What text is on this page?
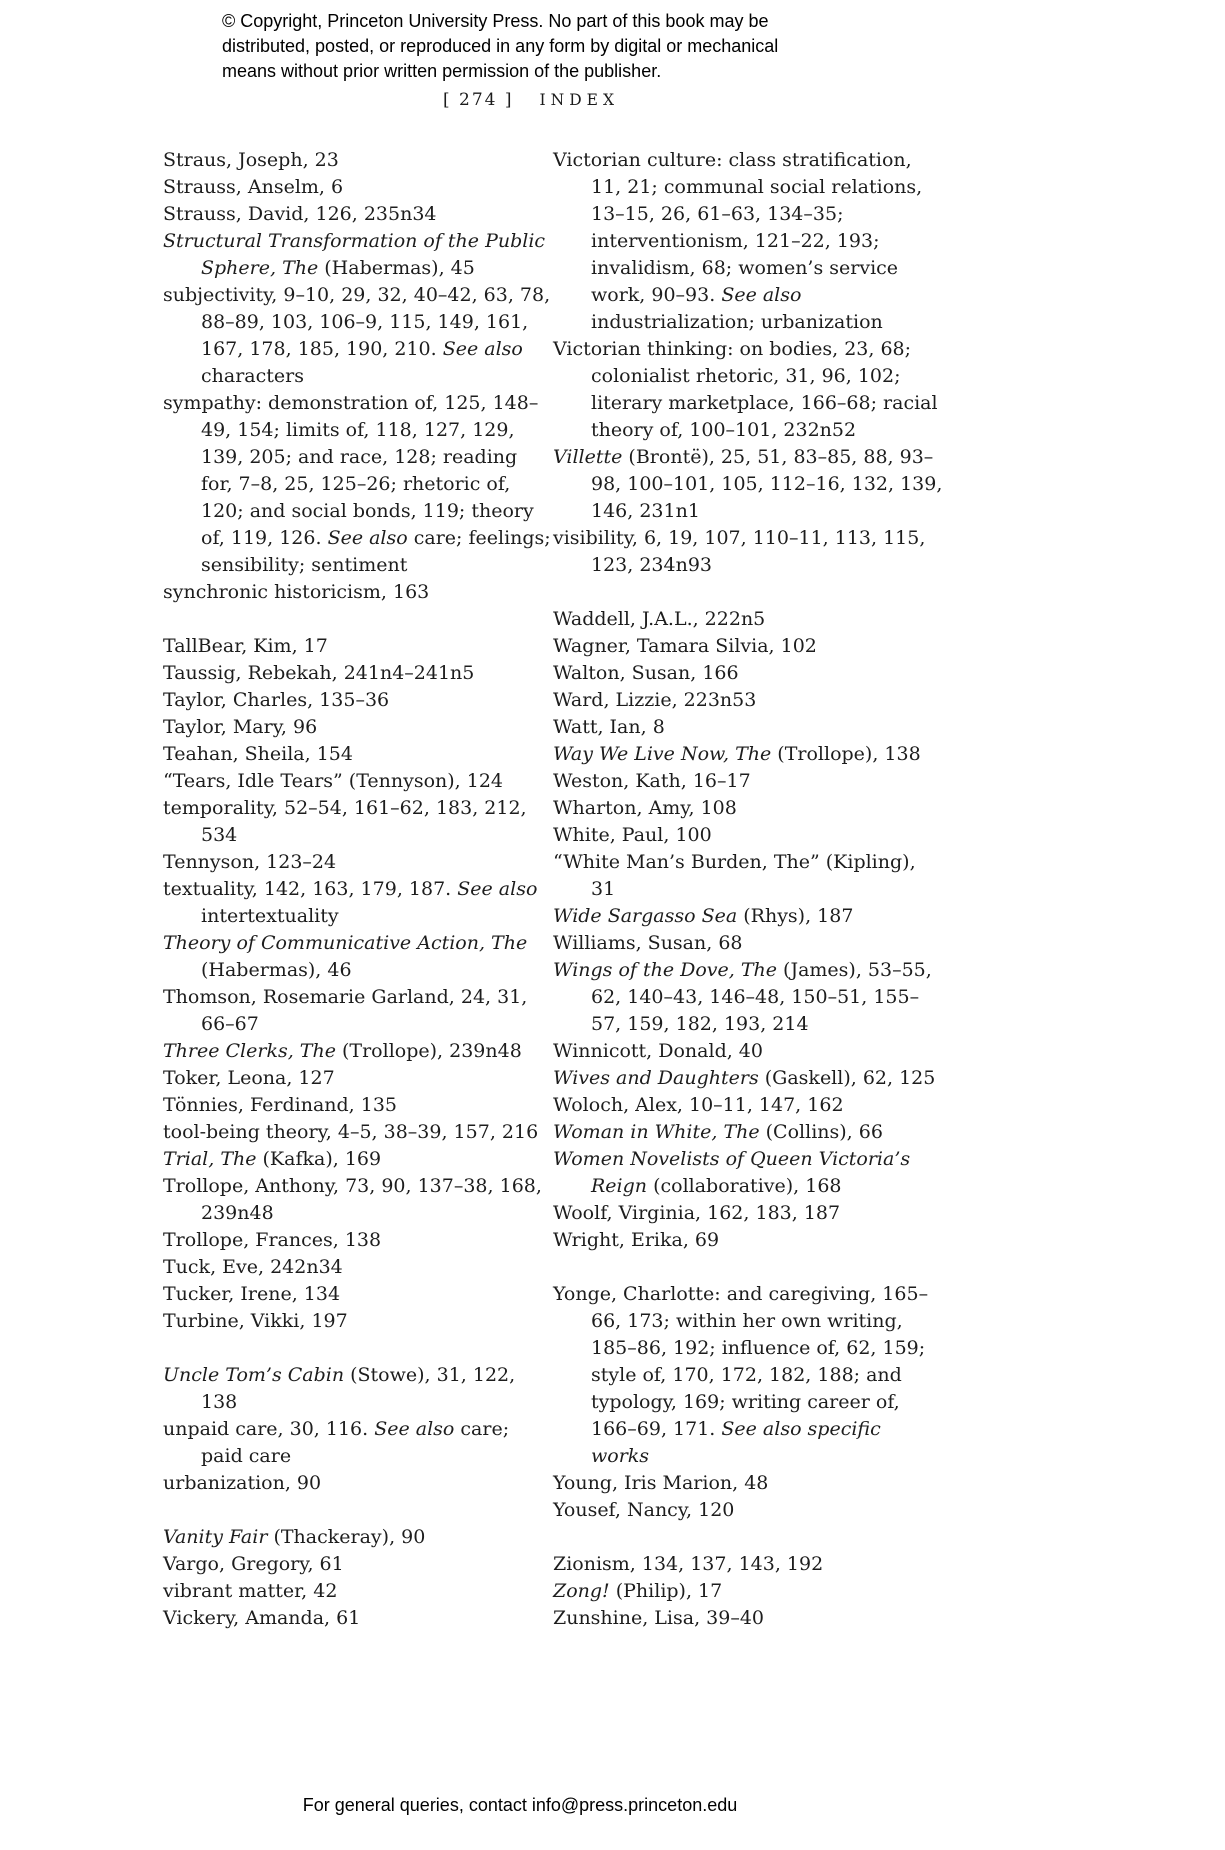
© Copyright, Princeton University Press. No part of this book may be distributed, posted, or reproduced in any form by digital or mechanical means without prior written permission of the publisher.
[ 274 ] INDEX
Straus, Joseph, 23
Strauss, Anselm, 6
Strauss, David, 126, 235n34
Structural Transformation of the Public Sphere, The (Habermas), 45
subjectivity, 9–10, 29, 32, 40–42, 63, 78, 88–89, 103, 106–9, 115, 149, 161, 167, 178, 185, 190, 210. See also characters
sympathy: demonstration of, 125, 148–49, 154; limits of, 118, 127, 129, 139, 205; and race, 128; reading for, 7–8, 25, 125–26; rhetoric of, 120; and social bonds, 119; theory of, 119, 126. See also care; feelings; sensibility; sentiment
synchronic historicism, 163
TallBear, Kim, 17
Taussig, Rebekah, 241n4–241n5
Taylor, Charles, 135–36
Taylor, Mary, 96
Teahan, Sheila, 154
“Tears, Idle Tears” (Tennyson), 124
temporality, 52–54, 161–62, 183, 212, 534
Tennyson, 123–24
textuality, 142, 163, 179, 187. See also intertextuality
Theory of Communicative Action, The (Habermas), 46
Thomson, Rosemarie Garland, 24, 31, 66–67
Three Clerks, The (Trollope), 239n48
Toker, Leona, 127
Tönnies, Ferdinand, 135
tool-being theory, 4–5, 38–39, 157, 216
Trial, The (Kafka), 169
Trollope, Anthony, 73, 90, 137–38, 168, 239n48
Trollope, Frances, 138
Tuck, Eve, 242n34
Tucker, Irene, 134
Turbine, Vikki, 197
Uncle Tom’s Cabin (Stowe), 31, 122, 138
unpaid care, 30, 116. See also care; paid care
urbanization, 90
Vanity Fair (Thackeray), 90
Vargo, Gregory, 61
vibrant matter, 42
Vickery, Amanda, 61
Victorian culture: class stratification, 11, 21; communal social relations, 13–15, 26, 61–63, 134–35; interventionism, 121–22, 193; invalidism, 68; women’s service work, 90–93. See also industrialization; urbanization
Victorian thinking: on bodies, 23, 68; colonialist rhetoric, 31, 96, 102; literary marketplace, 166–68; racial theory of, 100–101, 232n52
Villette (Brontë), 25, 51, 83–85, 88, 93–98, 100–101, 105, 112–16, 132, 139, 146, 231n1
visibility, 6, 19, 107, 110–11, 113, 115, 123, 234n93
Waddell, J.A.L., 222n5
Wagner, Tamara Silvia, 102
Walton, Susan, 166
Ward, Lizzie, 223n53
Watt, Ian, 8
Way We Live Now, The (Trollope), 138
Weston, Kath, 16–17
Wharton, Amy, 108
White, Paul, 100
“White Man’s Burden, The” (Kipling), 31
Wide Sargasso Sea (Rhys), 187
Williams, Susan, 68
Wings of the Dove, The (James), 53–55, 62, 140–43, 146–48, 150–51, 155–57, 159, 182, 193, 214
Winnicott, Donald, 40
Wives and Daughters (Gaskell), 62, 125
Woloch, Alex, 10–11, 147, 162
Woman in White, The (Collins), 66
Women Novelists of Queen Victoria’s Reign (collaborative), 168
Woolf, Virginia, 162, 183, 187
Wright, Erika, 69
Yonge, Charlotte: and caregiving, 165–66, 173; within her own writing, 185–86, 192; influence of, 62, 159; style of, 170, 172, 182, 188; and typology, 169; writing career of, 166–69, 171. See also specific works
Young, Iris Marion, 48
Yousef, Nancy, 120
Zionism, 134, 137, 143, 192
Zong! (Philip), 17
Zunshine, Lisa, 39–40
For general queries, contact info@press.princeton.edu
